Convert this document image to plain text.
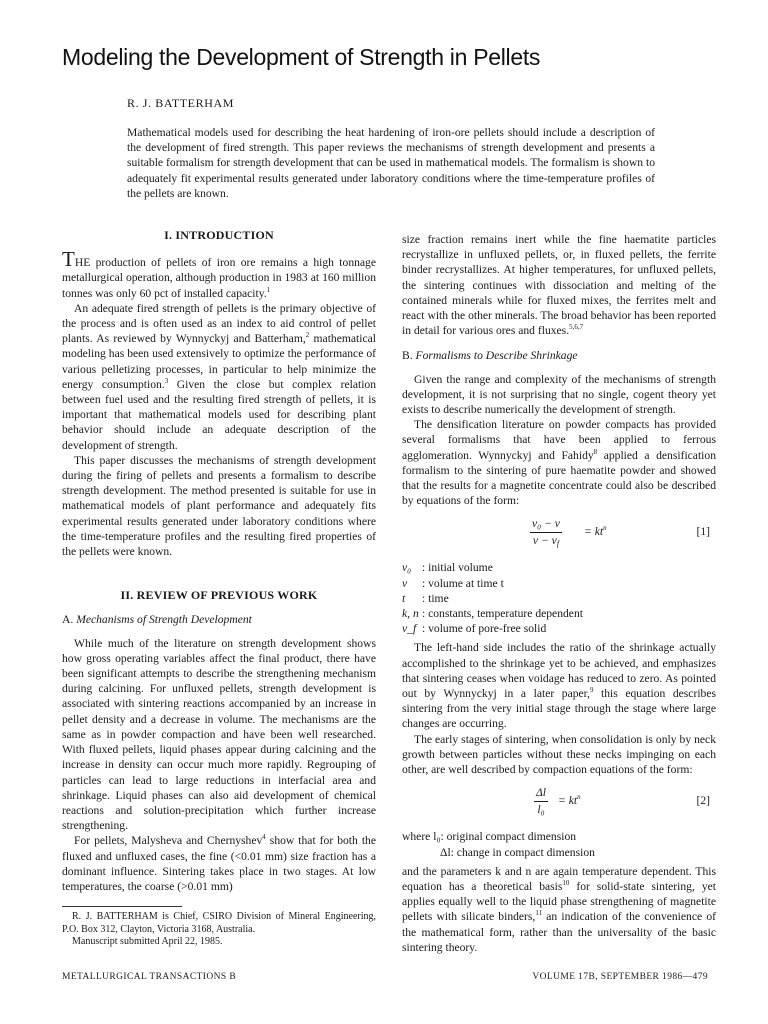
Modeling the Development of Strength in Pellets
R. J. BATTERHAM
Mathematical models used for describing the heat hardening of iron-ore pellets should include a description of the development of fired strength. This paper reviews the mechanisms of strength development and presents a suitable formalism for strength development that can be used in mathematical models. The formalism is shown to adequately fit experimental results generated under laboratory conditions where the time-temperature profiles of the pellets are known.
I. INTRODUCTION

THE production of pellets of iron ore remains a high tonnage metallurgical operation, although production in 1983 at 160 million tonnes was only 60 pct of installed capacity.$^1$

An adequate fired strength of pellets is the primary objective of the process and is often used as an index to aid control of pellet plants. As reviewed by Wynnyckyj and Batterham,$^2$ mathematical modeling has been used extensively to optimize the performance of various pelletizing processes, in particular to help minimize the energy consumption.$^3$ Given the close but complex relation between fuel used and the resulting fired strength of pellets, it is important that mathematical models used for describing plant behavior should include an adequate description of the development of strength.

This paper discusses the mechanisms of strength development during the firing of pellets and presents a formalism to describe strength development. The method presented is suitable for use in mathematical models of plant performance and adequately fits experimental results generated under laboratory conditions where the time-temperature profiles and the resulting fired properties of the pellets were known.

II. REVIEW OF PREVIOUS WORK
A. Mechanisms of Strength Development

While much of the literature on strength development shows how gross operating variables affect the final product, there have been significant attempts to describe the strengthening mechanism during calcining. For unfluxed pellets, strength development is associated with sintering reactions accompanied by an increase in pellet density and a decrease in volume. The mechanisms are the same as in powder compaction and have been well researched. With fluxed pellets, liquid phases appear during calcining and the increase in density can occur much more rapidly. Regrouping of particles can lead to large reductions in interfacial area and shrinkage. Liquid phases can also aid development of chemical reactions and solution-precipitation which further increase strengthening.

For pellets, Malysheva and Chernyshev$^4$ show that for both the fluxed and unfluxed cases, the fine (<0.01 mm) size fraction has a dominant influence. Sintering takes place in two stages. At low temperatures, the coarse (>0.01 mm)

R. J. BATTERHAM is Chief, CSIRO Division of Mineral Engineering, P.O. Box 312, Clayton, Victoria 3168, Australia.

Manuscript submitted April 22, 1985.

size fraction remains inert while the fine haematite particles recrystallize in unfluxed pellets, or, in fluxed pellets, the ferrite binder recrystallizes. At higher temperatures, for unfluxed pellets, the sintering continues with dissociation and melting of the contained minerals while for fluxed mixes, the ferrites melt and react with the other minerals. The broad behavior has been reported in detail for various ores and fluxes.$^{5,6,7}$

B. Formalisms to Describe Shrinkage

Given the range and complexity of the mechanisms of strength development, it is not surprising that no single, cogent theory yet exists to describe numerically the development of strength.

The densification literature on powder compacts has provided several formalisms that have been applied to ferrous agglomeration. Wynnyckyj and Fahidy$^8$ applied a densification formalism to the sintering of pure haematite powder and showed that the results for a magnetite concentrate could also be described by equations of the form:

$\frac{\text{v₀ − v}}{v - v_f} = kt^n$	[1]
v₀ : initial volume
v	: volume at time t
t	: time
k, n : constants, temperature dependent
v_f : volume of pore-free solid

The left-hand side includes the ratio of the shrinkage actually accomplished to the shrinkage yet to be achieved, and emphasizes that sintering ceases when voidage has reduced to zero. As pointed out by Wynnyckyj in a later paper,$^9$ this equation describes sintering from the very initial stage through the stage where large changes are occurring.

The early stages of sintering, when consolidation is only by neck growth between particles without these necks impinging on each other, are well described by compaction equations of the form:

$\frac{\Delta l}{\text{l₀}} = kt^n$	[2]

where l₀: original compact dimension

Δl: change in compact dimension

and the parameters k and n are again temperature dependent. This equation has a theoretical basis$^{10}$ for solid-state sintering, yet applies equally well to the liquid phase strengthening of magnetite pellets with silicate binders,$^{11}$ an indication of the convenience of the mathematical form, rather than the universality of the basic sintering theory.

METALLURGICAL TRANSACTIONS B	VOLUME 17B, SEPTEMBER 1986—479
